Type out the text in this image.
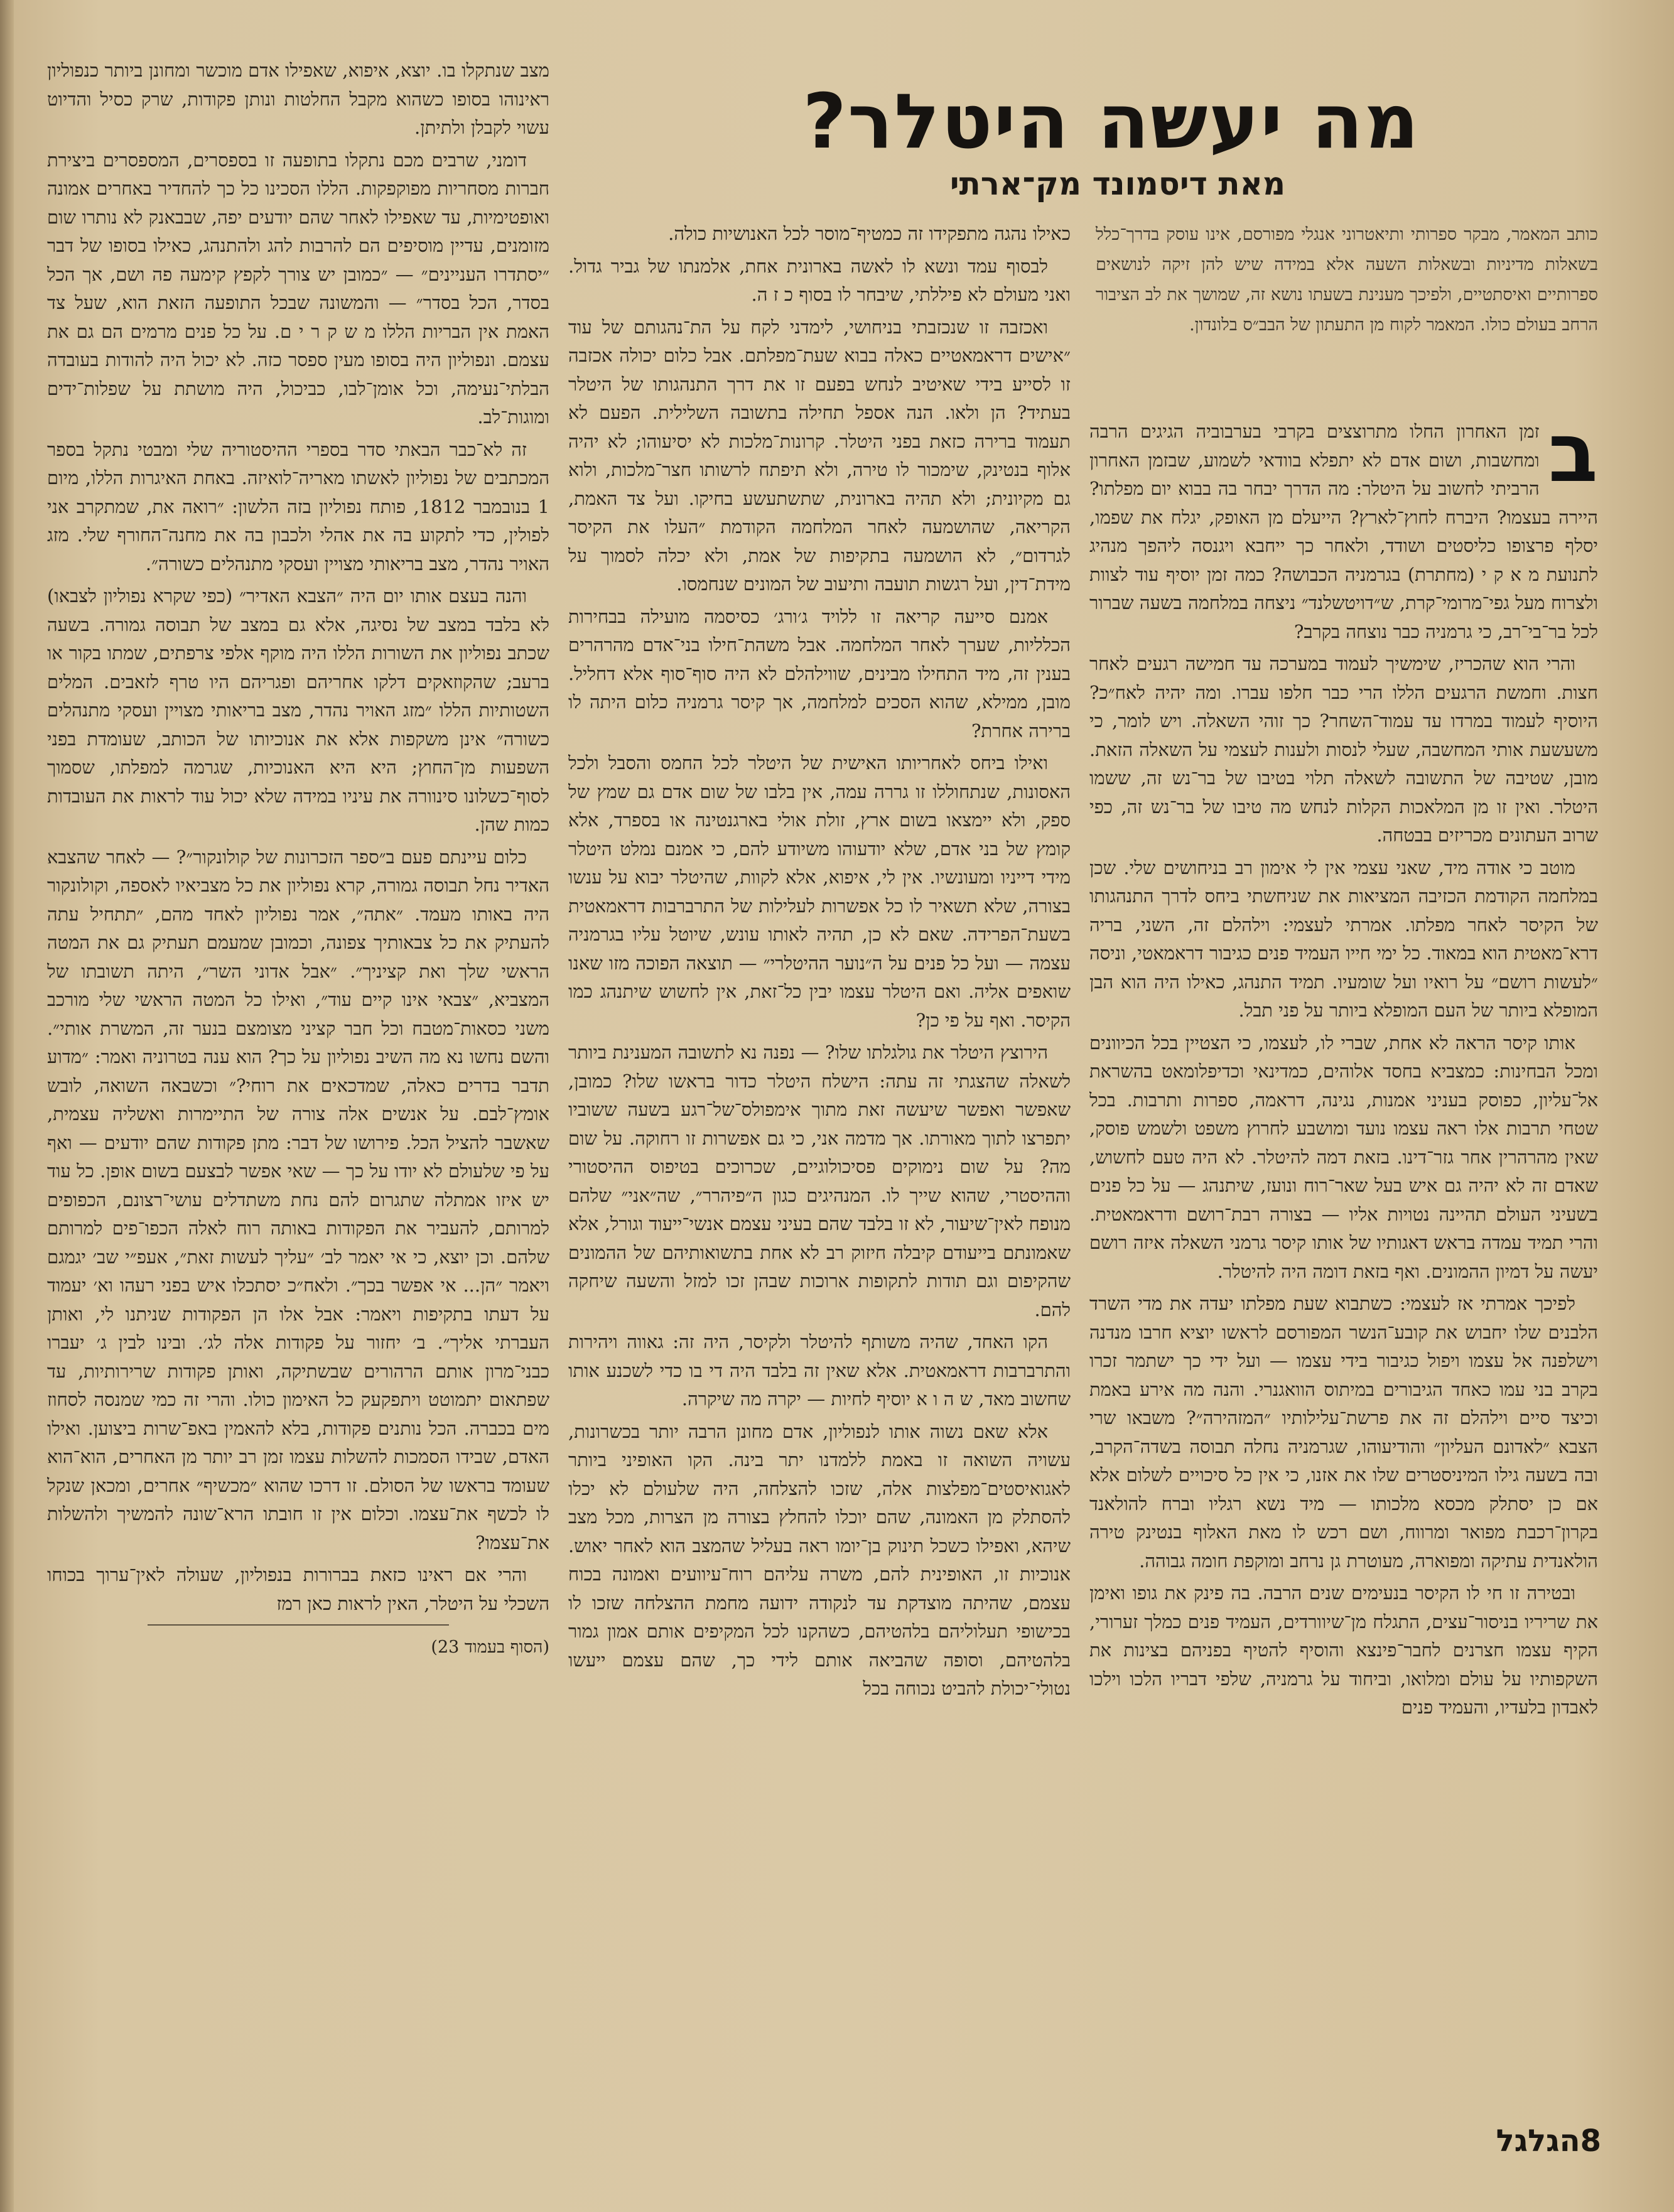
מה יעשה היטלר?
מאת דיסמונד מק־ארתי
כותב המאמר, מבקר ספרותי ותיאטרוני אנגלי מפורסם, אינו עוסק בדרך־כלל בשאלות מדיניות ובשאלות השעה אלא במידה שיש להן זיקה לנושאים ספרותיים ואיסתטיים, ולפיכך מענינת בשעתו נושא זה, שמושך את לב הציבור הרחב בעולם כולו. המאמר לקוח מן התעתון של הבב״ס בלונדון.
ב

זמן האחרון החלו מתרוצצים בקרבי בערבוביה הגיגים הרבה ומחשבות, ושום אדם לא יתפלא בוודאי לשמוע, שבזמן האחרון הרביתי לחשוב על היטלר: מה הדרך יבחר בה בבוא יום מפלתו? היירה בעצמו? היברח לחוץ־לארץ? הייעלם מן האופק, יגלח את שפמו, יסלף פרצופו כליסטים ושודד, ולאחר כך ייחבא ויגנסה ליהפך מנהיג לתנועת מ א ק י (מחתרת) בגרמניה הכבושה? כמה זמן יוסיף עוד לצוות ולצרוח מעל גפי־מרומי־קרת, ש״דויטשלנד״ ניצחה במלחמה בשעה שברור לכל בר־בי־רב, כי גרמניה כבר נוצחה בקרב?

והרי הוא שהכריז, שימשיך לעמוד במערכה עד חמישה רגעים לאחר חצות. וחמשת הרגעים הללו הרי כבר חלפו עברו. ומה יהיה לאח״כ? היוסיף לעמוד במרדו עד עמוד־השחר? כך זוהי השאלה. ויש לומר, כי משעשעת אותי המחשבה, שעלי לנסות ולענות לעצמי על השאלה הזאת. מובן, שטיבה של התשובה לשאלה תלוי בטיבו של בר־נש זה, ששמו היטלר. ואין זו מן המלאכות הקלות לנחש מה טיבו של בר־נש זה, כפי שרוב העתונים מכריזים בבטחה.

מוטב כי אודה מיד, שאני עצמי אין לי אימון רב בניחושים שלי. שכן במלחמה הקודמת הכזיבה המציאות את שניחשתי ביחס לדרך התנהגותו של הקיסר לאחר מפלתו. אמרתי לעצמי: וילהלם זה, השני, בריה דרא־מאטית הוא במאוד. כל ימי חייו העמיד פנים כגיבור דראמאטי, וניסה ״לעשות רושם״ על רואיו ועל שומעיו. תמיד התנהג, כאילו היה הוא הבן המופלא ביותר של העם המופלא ביותר על פני תבל.

אותו קיסר הראה לא אחת, שברי לו, לעצמו, כי הצטיין בכל הכיוונים ומכל הבחינות: כמצביא בחסד אלוהים, כמדינאי וכדיפלומאט בהשראת אל־עליון, כפוסק בעניני אמנות, נגינה, דראמה, ספרות ותרבות. בכל שטחי תרבות אלו ראה עצמו נועד ומושבע לחרוץ משפט ולשמש פוסק, שאין מהרהרין אחר גזר־דינו. בזאת דמה להיטלר. לא היה טעם לחשוש, שאדם זה לא יהיה גם איש בעל שאר־רוח ונועז, שיתנהג — על כל פנים בשעיני העולם תהיינה נטויות אליו — בצורה רבת־רושם ודראמאטית. והרי תמיד עמדה בראש דאגותיו של אותו קיסר גרמני השאלה איזה רושם יעשה על דמיון ההמונים. ואף בזאת דומה היה להיטלר.

לפיכך אמרתי אז לעצמי: כשתבוא שעת מפלתו יעדה את מדי השרד הלבנים שלו יחבוש את קובע־הנשר המפורסם לראשו יוציא חרבו מנדנה וישלפנה אל עצמו ויפול כגיבור בידי עצמו — ועל ידי כך ישתמר זכרו בקרב בני עמו כאחד הגיבורים במיתוס הוואגנרי. והנה מה אירע באמת וכיצד סיים וילהלם זה את פרשת־עלילותיו ״המזהירה״? משבאו שרי הצבא ״לאדונם העליון״ והודיעוהו, שגרמניה נחלה תבוסה בשדה־הקרב, ובה בשעה גילו המיניסטרים שלו את אזנו, כי אין כל סיכויים לשלום אלא אם כן יסתלק מכסא מלכותו — מיד נשא רגליו וברח להולאנד בקרון־רכבת מפואר ומרווח, ושם רכש לו מאת האלוף בנטינק טירה הולאנדית עתיקה ומפוארה, מעוטרת גן נרחב ומוקפת חומה גבוהה.

ובטירה זו חי לו הקיסר בנעימים שנים הרבה. בה פינק את גופו ואימן את שריריו בניסור־עצים, התגלח מן־שיוורדים, העמיד פנים כמלך זערורי, הקיף עצמו חצרנים לחבר־פינצא והוסיף להטיף בפניהם בצינות את השקפותיו על עולם ומלואו, וביחוד על גרמניה, שלפי דבריו הלכו וילכו לאבדון בלעדיו, והעמיד פנים

כאילו נהגה מתפקידו זה כמטיף־מוסר לכל האנושיות כולה.

לבסוף עמד ונשא לו לאשה בארונית אחת, אלמנתו של גביר גדול. ואני מעולם לא פיללתי, שיבחר לו בסוף כ ז ה.

ואכזבה זו שנכזבתי בניחושי, לימדני לקח על הת־נהגותם של עוד ״אישים דראמאטיים כאלה בבוא שעת־מפלתם. אבל כלום יכולה אכזבה זו לסייע בידי שאיטיב לנחש בפעם זו את דרך התנהגותו של היטלר בעתיד? הן ולאו. הנה אספל תחילה בתשובה השלילית. הפעם לא תעמוד ברירה כזאת בפני היטלר. קרונות־מלכות לא יסיעוהו; לא יהיה אלוף בנטינק, שימכור לו טירה, ולא תיפתח לרשותו חצר־מלכות, ולוא גם מקיונית; ולא תהיה בארונית, שתשתעשע בחיקו. ועל צד האמת, הקריאה, שהושמעה לאחר המלחמה הקודמת ״העלו את הקיסר לגרדום״, לא הושמעה בתקיפות של אמת, ולא יכלה לסמוך על מידת־דין, ועל רגשות תועבה ותיעוב של המונים שנחמסו.

אמנם סייעה קריאה זו ללויד ג׳ורג׳ כסיסמה מועילה בבחירות הכלליות, שערך לאחר המלחמה. אבל משהת־חילו בני־אדם מהרהרים בענין זה, מיד התחילו מבינים, שווילהלם לא היה סוף־סוף אלא דחליל. מובן, ממילא, שהוא הסכים למלחמה, אך קיסר גרמניה כלום היתה לו ברירה אחרת?

ואילו ביחס לאחריותו האישית של היטלר לכל החמס והסבל ולכל האסונות, שנתחוללו זו גררה עמה, אין בלבו של שום אדם גם שמץ של ספק, ולא יימצאו בשום ארץ, זולת אולי בארגנטינה או בספרד, אלא קומץ של בני אדם, שלא יודעוהו משיודע להם, כי אמנם נמלט היטלר מידי דייניו ומעונשיו. אין לי, איפוא, אלא לקוות, שהיטלר יבוא על ענשו בצורה, שלא תשאיר לו כל אפשרות לעלילות של התרברבות דראמאטית בשעת־הפרידה. שאם לא כן, תהיה לאותו עונש, שיוטל עליו בגרמניה עצמה — ועל כל פנים על ה״נוער ההיטלרי״ — תוצאה הפוכה מזו שאנו שואפים אליה. ואם היטלר עצמו יבין כל־זאת, אין לחשוש שיתנהג כמו הקיסר. ואף על פי כן?

הירוצץ היטלר את גולגלתו שלו? — נפנה נא לתשובה המענינת ביותר לשאלה שהצגתי זה עתה: הישלח היטלר כדור בראשו שלו? כמובן, שאפשר ואפשר שיעשה זאת מתוך אימפולס־של־רגע בשעה ששוביו יתפרצו לתוך מאורתו. אך מדמה אני, כי גם אפשרות זו רחוקה. על שום מה? על שום נימוקים פסיכולוגיים, שכרוכים בטיפוס ההיסטורי וההיסטרי, שהוא שייך לו. המנהיגים כגון ה״פיהרר״, שה״אני״ שלהם מנופח לאין־שיעור, לא זו בלבד שהם בעיני עצמם אנשי־ייעוד וגורל, אלא שאמונתם בייעודם קיבלה חיזוק רב לא אחת בתשואותיהם של ההמונים שהקיפום וגם תודות לתקופות ארוכות שבהן זכו למזל והשעה שיחקה להם.

הקו האחד, שהיה משותף להיטלר ולקיסר, היה זה: גאווה ויהירות והתרברבות דראמאטית. אלא שאין זה בלבד היה די בו כדי לשכנע אותו שחשוב מאד, ש ה ו א יוסיף לחיות — יקרה מה שיקרה.

אלא שאם נשוה אותו לנפוליון, אדם מחונן הרבה יותר בכשרונות, עשויה השואה זו באמת ללמדנו יתר בינה. הקו האופיני ביותר לאגואיסטים־מפלצות אלה, שזכו להצלחה, היה שלעולם לא יכלו להסתלק מן האמונה, שהם יוכלו להחלץ בצורה מן הצרות, מכל מצב שיהא, ואפילו כשכל תינוק בן־יומו ראה בעליל שהמצב הוא לאחר יאוש. אנוכיות זו, האופינית להם, משרה עליהם רוח־עיוועים ואמונה בכוח עצמם, שהיתה מוצדקת עד לנקודה ידועה מחמת ההצלחה שזכו לו בכישופי תעלוליהם בלהטיהם, כשהקנו לכל המקיפים אותם אמון גמור בלהטיהם, וסופה שהביאה אותם לידי כך, שהם עצמם ייעשו נטולי־יכולת להביט נכוחה בכל

מצב שנתקלו בו. יוצא, איפוא, שאפילו אדם מוכשר ומחונן ביותר כנפוליון ראינוהו בסופו כשהוא מקבל החלטות ונותן פקודות, שרק כסיל והדיוט עשוי לקבלן ולתיתן.

דומני, שרבים מכם נתקלו בתופעה זו בספסרים, המספסרים ביצירת חברות מסחריות מפוקפקות. הללו הסכינו כל כך להחדיר באחרים אמונה ואופטימיות, עד שאפילו לאחר שהם יודעים יפה, שבבאנק לא נותרו שום מזומנים, עדיין מוסיפים הם להרבות להג ולהתנהג, כאילו בסופו של דבר ״יסתדרו העניינים״ — ״כמובן יש צורך לקפץ קימעה פה ושם, אך הכל בסדר, הכל בסדר״ — והמשונה שבכל התופעה הזאת הוא, שעל צד האמת אין הבריות הללו מ ש ק ר י ם. על כל פנים מרמים הם גם את עצמם. ונפוליון היה בסופו מעין ספסר כזה. לא יכול היה להודות בעובדה הבלתי־נעימה, וכל אומן־לבו, כביכול, היה מושתת על שפלות־ידים ומוגות־לב.

זה לא־כבר הבאתי סדר בספרי ההיסטוריה שלי ומבטי נתקל בספר המכתבים של נפוליון לאשתו מאריה־לואיזה. באחת האיגרות הללו, מיום 1 בנובמבר 1812, פותח נפוליון בזה הלשון: ״רואה את, שמתקרב אני לפולין, כדי לתקוע בה את אהלי ולכבון בה את מחנה־החורף שלי. מזג האויר נהדר, מצב בריאותי מצויין ועסקי מתנהלים כשורה״.

והנה בעצם אותו יום היה ״הצבא האדיר״ (כפי שקרא נפוליון לצבאו) לא בלבד במצב של נסיגה, אלא גם במצב של תבוסה גמורה. בשעה שכתב נפוליון את השורות הללו היה מוקף אלפי צרפתים, שמתו בקור או ברעב; שהקוזאקים דלקו אחריהם ופגריהם היו טרף לזאבים. המלים השטותיות הללו ״מזג האויר נהדר, מצב בריאותי מצויין ועסקי מתנהלים כשורה״ אינן משקפות אלא את אנוכיותו של הכותב, שעומדת בפני השפעות מן־החוץ; היא היא האנוכיות, שגרמה למפלתו, שסמוך לסוף־כשלונו סינוורה את עיניו במידה שלא יכול עוד לראות את העובדות כמות שהן.

כלום עיינתם פעם ב״ספר הזכרונות של קולונקור״? — לאחר שהצבא האדיר נחל תבוסה גמורה, קרא נפוליון את כל מצביאיו לאספה, וקולונקור היה באותו מעמד. ״אתה״, אמר נפוליון לאחד מהם, ״תתחיל עתה להעתיק את כל צבאותיך צפונה, וכמובן שמעמם תעתיק גם את המטה הראשי שלך ואת קציניך״. ״אבל אדוני השר״, היתה תשובתו של המצביא, ״צבאי אינו קיים עוד״, ואילו כל המטה הראשי שלי מורכב משני כסאות־מטבח וכל חבר קציני מצומצם בנער זה, המשרת אותי״. והשם נחשו נא מה השיב נפוליון על כך? הוא ענה בטרוניה ואמר: ״מדוע תדבר בדרים כאלה, שמדכאים את רוחי?״ וכשבאה השואה, לובש אומץ־לבם. על אנשים אלה צורה של התיימרות ואשליה עצמית, שאשבר להציל הכל. פירושו של דבר: מתן פקודות שהם יודעים — ואף על פי שלעולם לא יודו על כך — שאי אפשר לבצעם בשום אופן. כל עוד יש איזו אמתלה שתגרום להם נחת משתדלים עושי־רצונם, הכפופים למרותם, להעביר את הפקודות באותה רוח לאלה הכפו־פים למרותם שלהם. וכן יוצא, כי אי יאמר לב׳ ״עליך לעשות זאת״, אעפ״י שב׳ יגמגם ויאמר ״הן... אי אפשר בכך״. ולאח״כ יסתכלו איש בפני רעהו וא׳ יעמוד על דעתו בתקיפות ויאמר: אבל אלו הן הפקודות שניתנו לי, ואותן העברתי אליך״. ב׳ יחזור על פקודות אלה לג׳. ובינו לבין ג׳ יעברו כבני־מרון אותם הרהורים שבשתיקה, ואותן פקודות שרירותיות, עד שפתאום יתמוטט ויתפקעק כל האימון כולו. והרי זה כמי שמנסה לסחוז מים בכברה. הכל נותנים פקודות, בלא להאמין באפ־שרות ביצוען. ואילו האדם, שבידו הסמכות להשלות עצמו זמן רב יותר מן האחרים, הוא־הוא שעומד בראשו של הסולם. זו דרכו שהוא ״מכשיף״ אחרים, ומכאן שנקל לו לכשף את־עצמו. וכלום אין זו חובתו הרא־שונה להמשיך ולהשלות את־עצמו?

והרי אם ראינו כזאת בברורות בנפוליון, שעולה לאין־ערוך בכוחו השכלי על היטלר, האין לראות כאן רמז

(הסוף בעמוד 23)
8הגלגל
